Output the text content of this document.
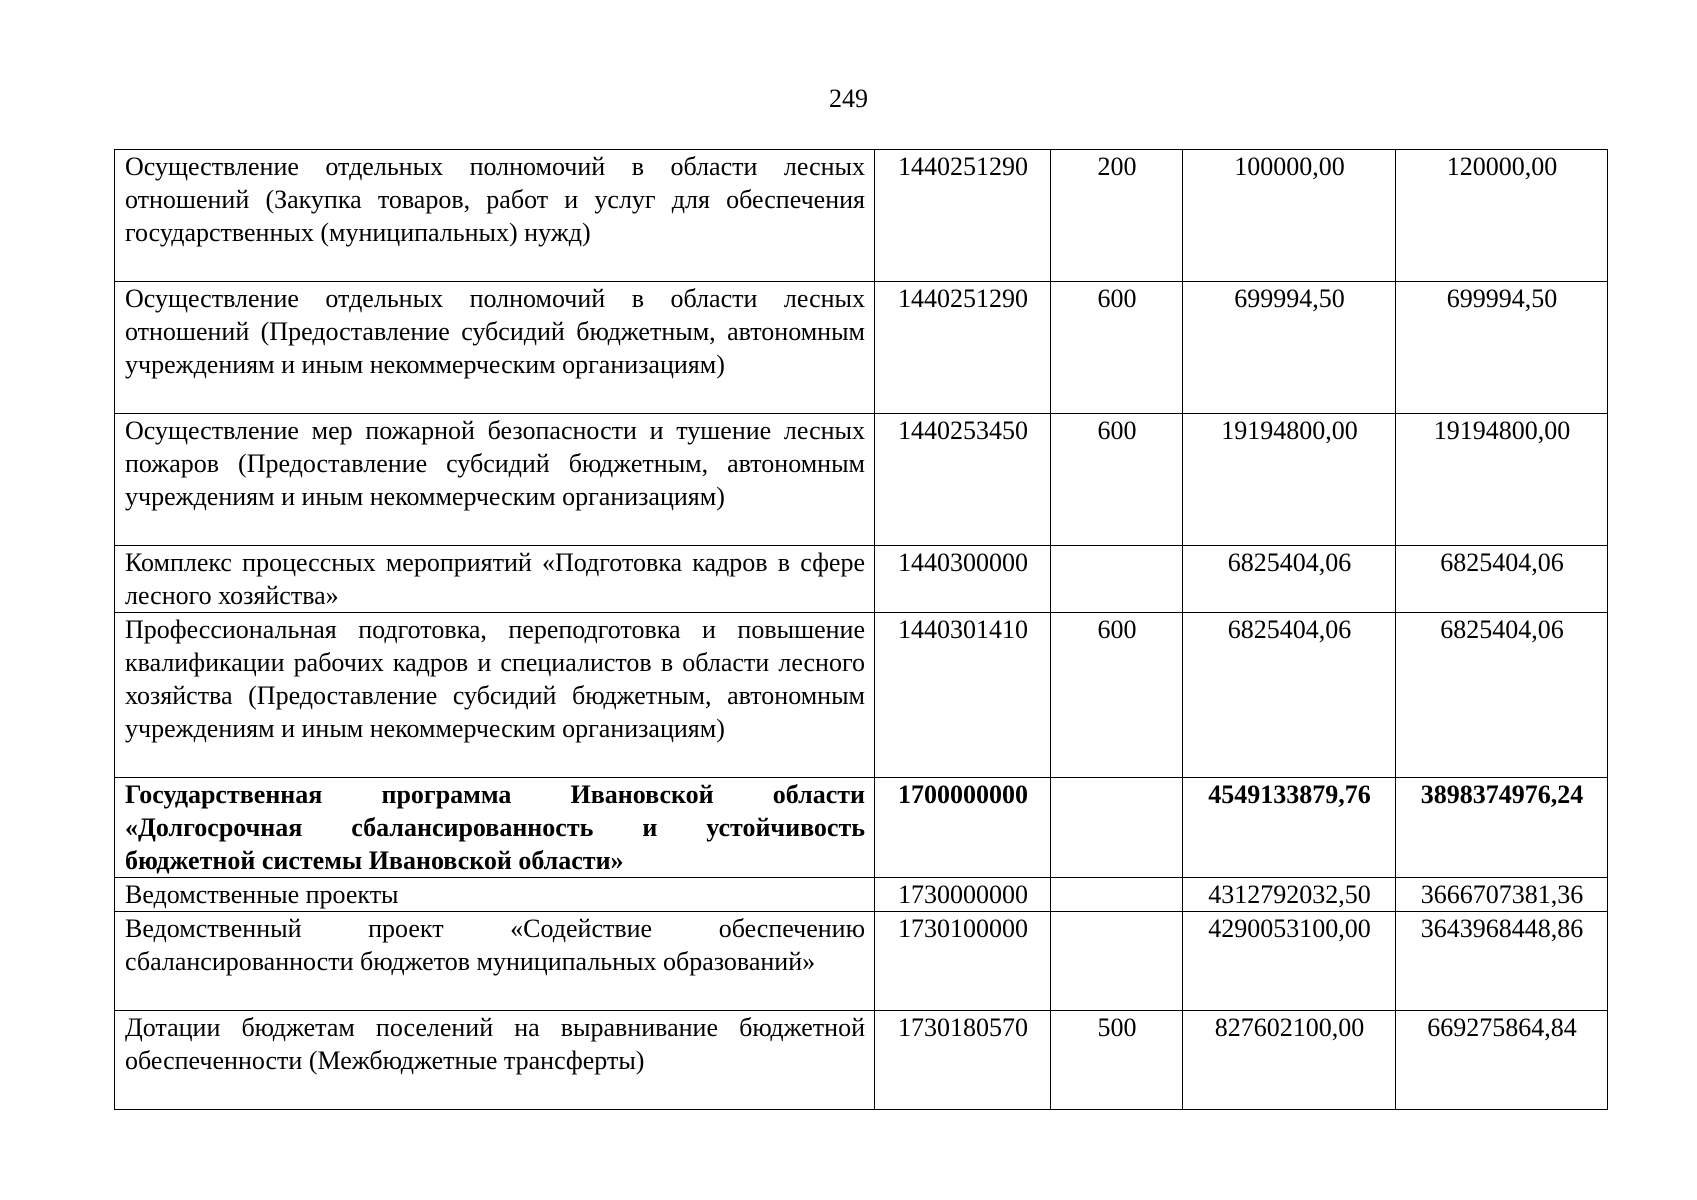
249
Осуществление отдельных полномочий в области лесных отношений (Закупка товаров, работ и услуг для обеспечения государственных (муниципальных) нужд)	1440251290	200	100000,00	120000,00
Осуществление отдельных полномочий в области лесных отношений (Предоставление субсидий бюджетным, автономным учреждениям и иным некоммерческим организациям)	1440251290	600	699994,50	699994,50
Осуществление мер пожарной безопасности и тушение лесных пожаров (Предоставление субсидий бюджетным, автономным учреждениям и иным некоммерческим организациям)	1440253450	600	19194800,00	19194800,00
Комплекс процессных мероприятий «Подготовка кадров в сфере лесного хозяйства»	1440300000		6825404,06	6825404,06
Профессиональная подготовка, переподготовка и повышение квалификации рабочих кадров и специалистов в области лесного хозяйства (Предоставление субсидий бюджетным, автономным учреждениям и иным некоммерческим организациям)	1440301410	600	6825404,06	6825404,06
Государственная программа Ивановской области «Долгосрочная сбалансированность и устойчивость бюджетной системы Ивановской области»	1700000000		4549133879,76	3898374976,24
Ведомственные проекты	1730000000		4312792032,50	3666707381,36
Ведомственный проект «Содействие обеспечению сбалансированности бюджетов муниципальных образований»	1730100000		4290053100,00	3643968448,86
Дотации бюджетам поселений на выравнивание бюджетной обеспеченности (Межбюджетные трансферты)	1730180570	500	827602100,00	669275864,84
